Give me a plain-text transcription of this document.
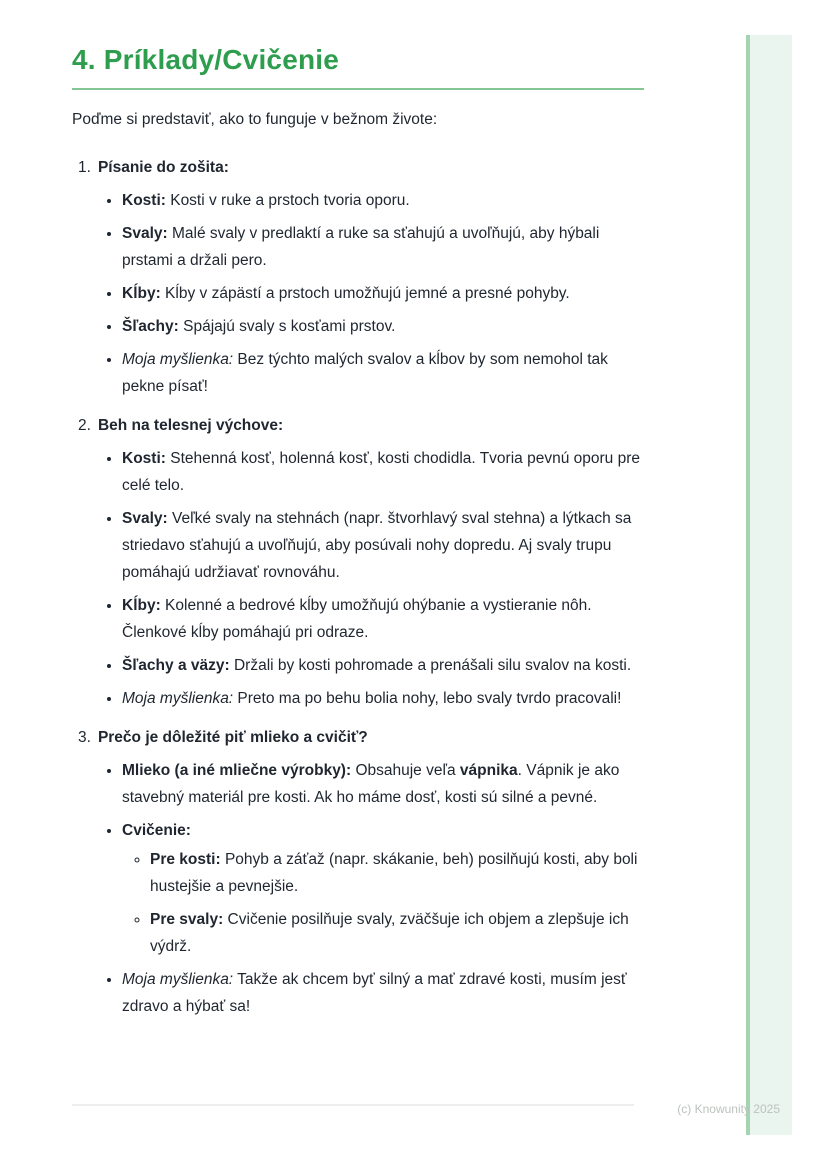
4. Príklady/Cvičenie

Poďme si predstaviť, ako to funguje v bežnom živote:

1. Písanie do zošita:

• Kosti: Kosti v ruke a prstoch tvoria oporu.
• Svaly: Malé svaly v predlaktí a ruke sa sťahujú a uvoľňujú, aby hýbali prstami a držali pero.
• Kĺby: Kĺby v zápästí a prstoch umožňujú jemné a presné pohyby.
• Šľachy: Spájajú svaly s kosťami prstov.
• Moja myšlienka: Bez týchto malých svalov a kĺbov by som nemohol tak pekne písať!

2. Beh na telesnej výchove:

• Kosti: Stehenná kosť, holenná kosť, kosti chodidla. Tvoria pevnú oporu pre celé telo.
• Svaly: Veľké svaly na stehnách (napr. štvorhlavý sval stehna) a lýtkach sa striedavo sťahujú a uvoľňujú, aby posúvali nohy dopredu. Aj svaly trupu pomáhajú udržiavať rovnováhu.
• Kĺby: Kolenné a bedrové kĺby umožňujú ohýbanie a vystieranie nôh. Členkové kĺby pomáhajú pri odraze.
• Šľachy a väzy: Držali by kosti pohromade a prenášali silu svalov na kosti.
• Moja myšlienka: Preto ma po behu bolia nohy, lebo svaly tvrdo pracovali!

3. Prečo je dôležité piť mlieko a cvičiť?

• Mlieko (a iné mliečne výrobky): Obsahuje veľa vápnika. Vápnik je ako stavebný materiál pre kosti. Ak ho máme dosť, kosti sú silné a pevné.
• Cvičenie:
◦ Pre kosti: Pohyb a záťaž (napr. skákanie, beh) posilňujú kosti, aby boli hustejšie a pevnejšie.
◦ Pre svaly: Cvičenie posilňuje svaly, zväčšuje ich objem a zlepšuje ich výdrž.
• Moja myšlienka: Takže ak chcem byť silný a mať zdravé kosti, musím jesť zdravo a hýbať sa!
(c) Knowunity 2025
